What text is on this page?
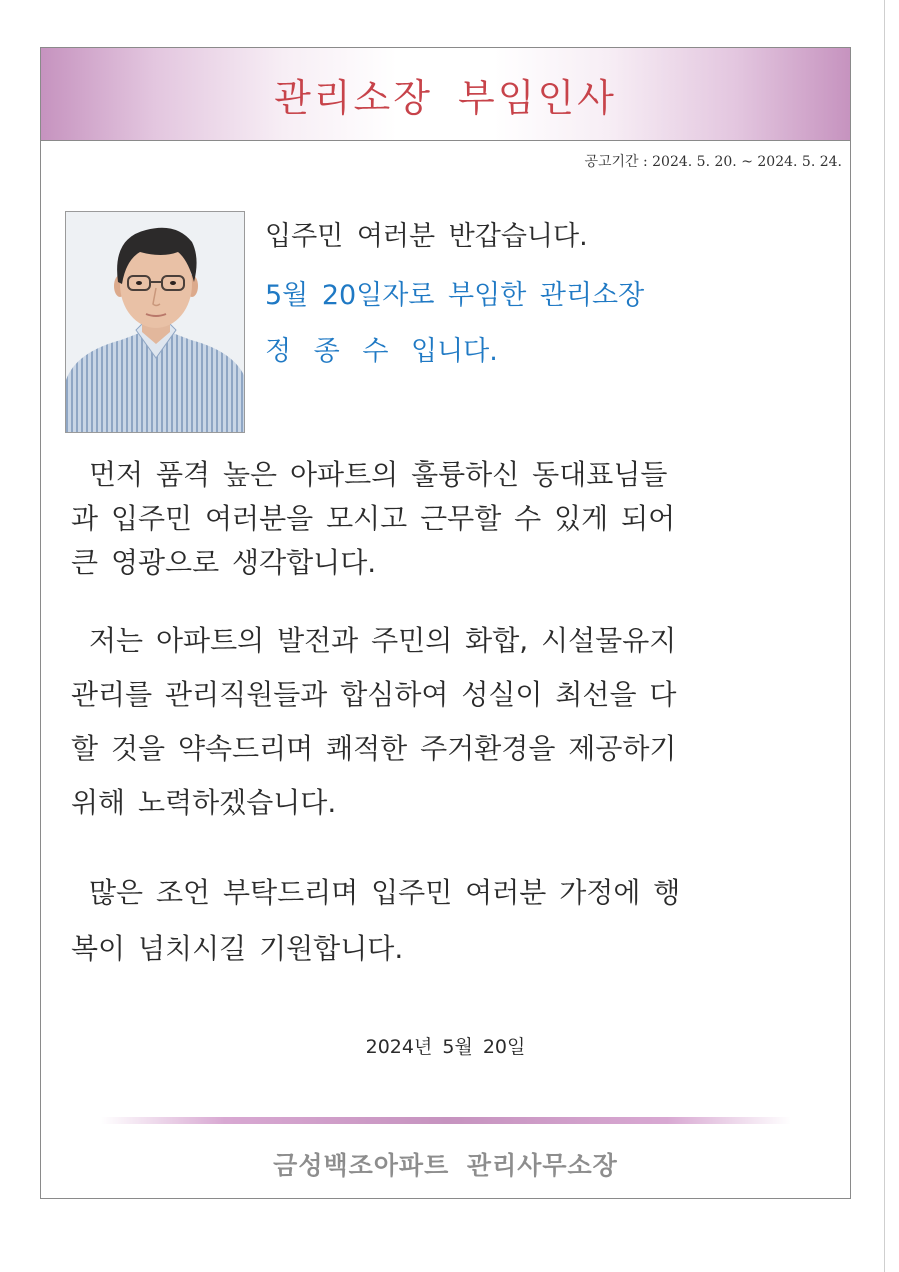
관리소장 부임인사
공고기간 : 2024. 5. 20. ~ 2024. 5. 24.
입주민 여러분 반갑습니다.
5월 20일자로 부임한 관리소장
정 종 수 입니다.

먼저 품격 높은 아파트의 훌륭하신 동대표님들
과 입주민 여러분을 모시고 근무할 수 있게 되어
큰 영광으로 생각합니다.

저는 아파트의 발전과 주민의 화합, 시설물유지
관리를 관리직원들과 합심하여 성실이 최선을 다
할 것을 약속드리며 쾌적한 주거환경을 제공하기
위해 노력하겠습니다.

많은 조언 부탁드리며 입주민 여러분 가정에 행
복이 넘치시길 기원합니다.

2024년 5월 20일
금성백조아파트 관리사무소장
